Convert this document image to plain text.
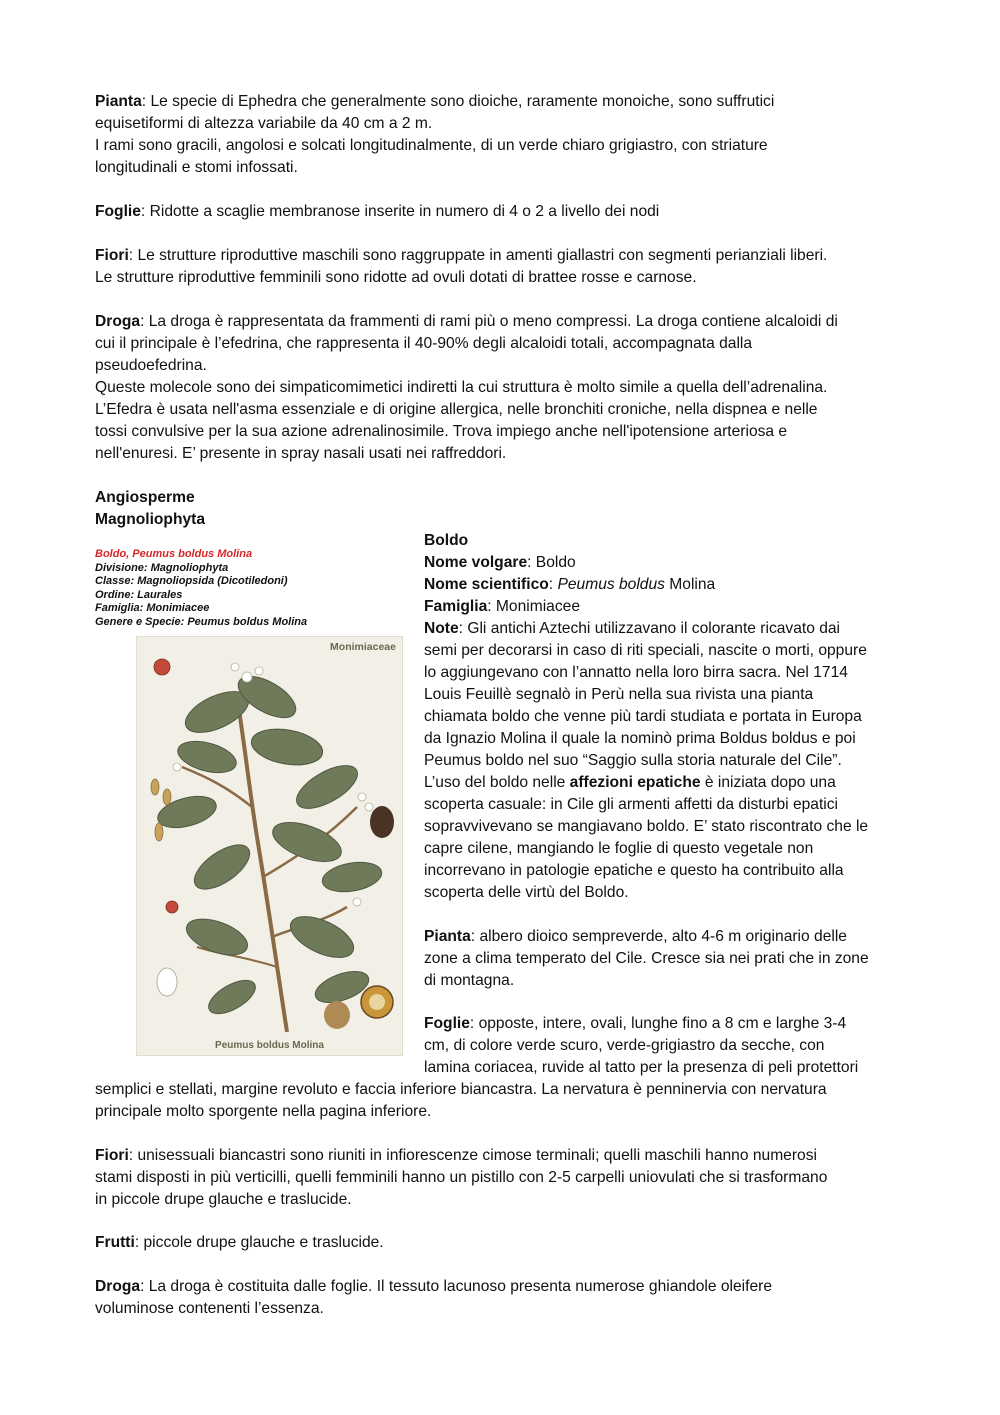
Pianta: Le specie di Ephedra che generalmente sono dioiche, raramente monoiche, sono suffrutici
equisetiformi di altezza variabile da 40 cm a 2 m.
I rami sono gracili, angolosi e solcati longitudinalmente, di un verde chiaro grigiastro, con striature
longitudinali e stomi infossati.
Foglie: Ridotte a scaglie membranose inserite in numero di 4 o 2 a livello dei nodi
Fiori: Le strutture riproduttive maschili sono raggruppate in amenti giallastri con segmenti perianziali liberi.
Le strutture riproduttive femminili sono ridotte ad ovuli dotati di brattee rosse e carnose.
Droga: La droga è rappresentata da frammenti di rami più o meno compressi. La droga contiene alcaloidi di
cui il principale è l’efedrina, che rappresenta il 40-90% degli alcaloidi totali, accompagnata dalla
pseudoefedrina.
Queste molecole sono dei simpaticomimetici indiretti la cui struttura è molto simile a quella dell’adrenalina.
L’Efedra è usata nell'asma essenziale e di origine allergica, nelle bronchiti croniche, nella dispnea e nelle
tossi convulsive per la sua azione adrenalinosimile. Trova impiego anche nell'ipotensione arteriosa e
nell'enuresi. E’ presente in spray nasali usati nei raffreddori.
Angiosperme
Magnoliophyta
Boldo, Peumus boldus Molina
Divisione: Magnoliophyta
Classe: Magnoliopsida (Dicotiledoni)
Ordine: Laurales
Famiglia: Monimiacee
Genere e Specie: Peumus boldus Molina
Monimiaceae
Peumus boldus Molina
Boldo
Nome volgare: Boldo
Nome scientifico: Peumus boldus Molina
Famiglia: Monimiacee
Note: Gli antichi Aztechi utilizzavano il colorante ricavato dai
semi per decorarsi in caso di riti speciali, nascite o morti, oppure
lo aggiungevano con l’annatto nella loro birra sacra. Nel 1714
Louis Feuillè segnalò in Perù nella sua rivista una pianta
chiamata boldo che venne più tardi studiata e portata in Europa
da Ignazio Molina il quale la nominò prima Boldus boldus e poi
Peumus boldo nel suo “Saggio sulla storia naturale del Cile”.
L’uso del boldo nelle affezioni epatiche è iniziata dopo una
scoperta casuale: in Cile gli armenti affetti da disturbi epatici
sopravvivevano se mangiavano boldo. E’ stato riscontrato che le
capre cilene, mangiando le foglie di questo vegetale non
incorrevano in patologie epatiche e questo ha contribuito alla
scoperta delle virtù del Boldo.
Pianta: albero dioico sempreverde, alto 4-6 m originario delle
zone a clima temperato del Cile. Cresce sia nei prati che in zone
di montagna.
Foglie: opposte, intere, ovali, lunghe fino a 8 cm e larghe 3-4
cm, di colore verde scuro, verde-grigiastro da secche, con
lamina coriacea, ruvide al tatto per la presenza di peli protettori
semplici e stellati, margine revoluto e faccia inferiore biancastra. La nervatura è penninervia con nervatura
principale molto sporgente nella pagina inferiore.
Fiori: unisessuali biancastri sono riuniti in infiorescenze cimose terminali; quelli maschili hanno numerosi
stami disposti in più verticilli, quelli femminili hanno un pistillo con 2-5 carpelli uniovulati che si trasformano
in piccole drupe glauche e traslucide.
Frutti: piccole drupe glauche e traslucide.
Droga: La droga è costituita dalle foglie. Il tessuto lacunoso presenta numerose ghiandole oleifere
voluminose contenenti l’essenza.
